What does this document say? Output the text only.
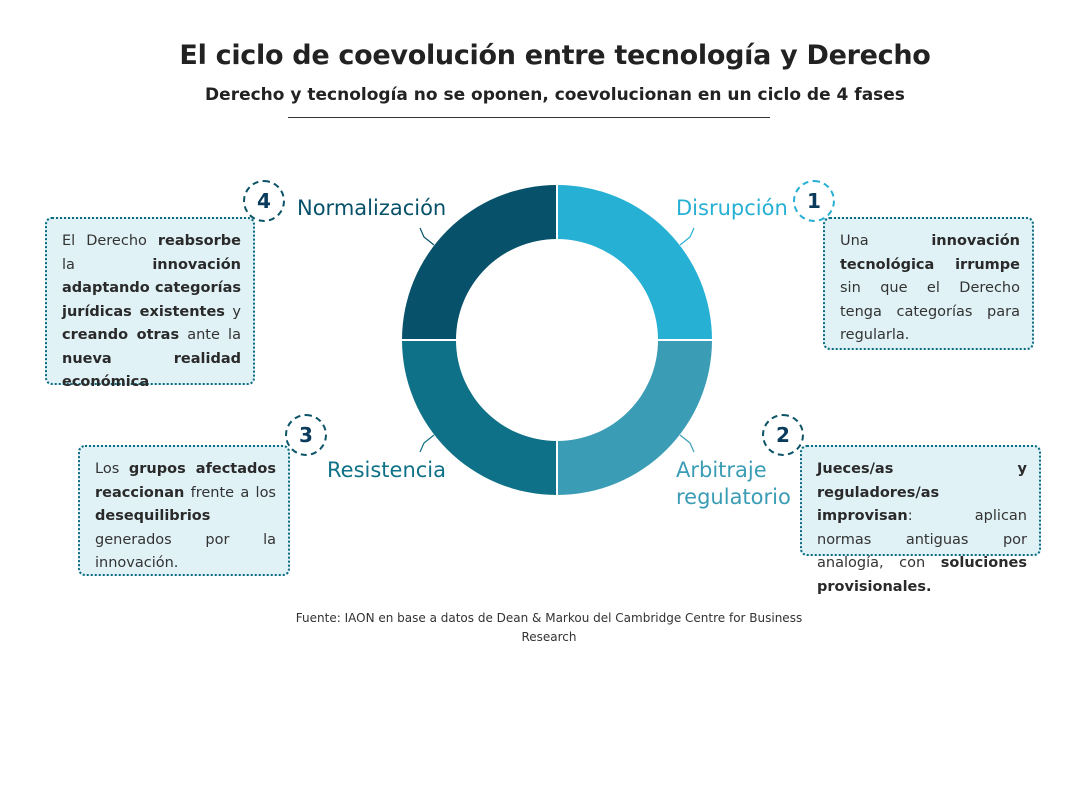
El ciclo de coevolución entre tecnología y Derecho
Derecho y tecnología no se oponen, coevolucionan en un ciclo de 4 fases
Disrupción
Arbitraje
regulatorio
Resistencia
Normalización	1
2
3
4
Una innovación tecnológica irrumpe sin que el Derecho tenga categorías para regularla.
Jueces/as y reguladores/as improvisan: aplican normas antiguas por analogía, con soluciones provisionales.
Los grupos afectados reaccionan frente a los desequilibrios generados por la innovación.
El Derecho reabsorbe la innovación adaptando categorías jurídicas existentes y creando otras ante la nueva realidad económica
Fuente: IAON en base a datos de Dean & Markou del Cambridge Centre for Business Research
